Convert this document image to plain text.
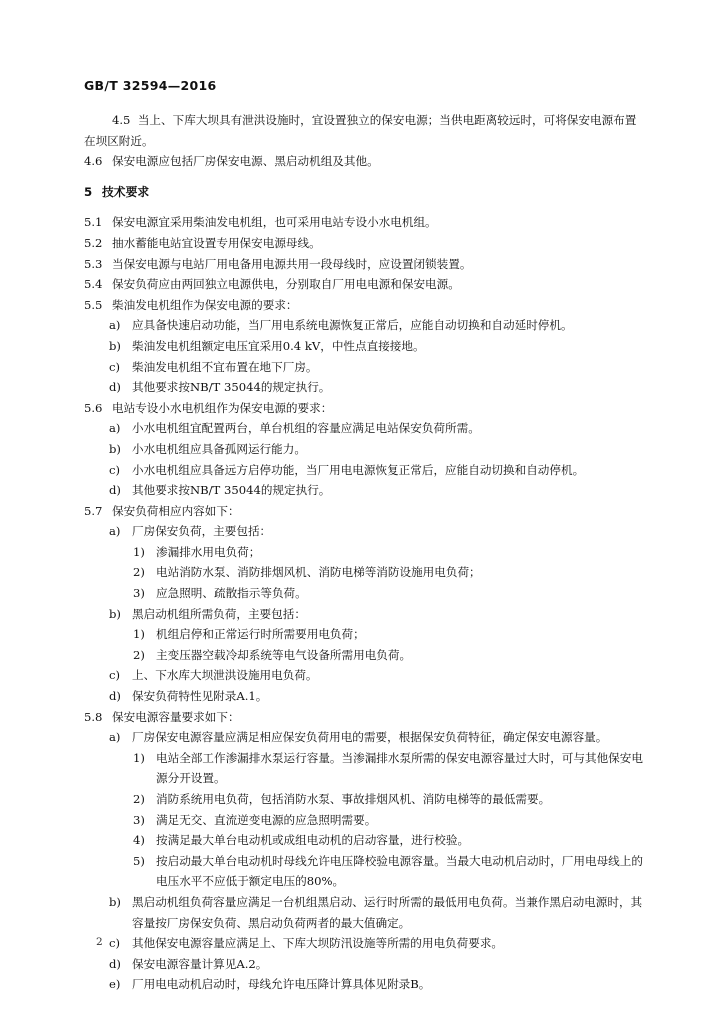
GB/T 32594—2016
4.5 当上、下库大坝具有泄洪设施时，宜设置独立的保安电源；当供电距离较远时，可将保安电源布置在坝区附近。
4.6 保安电源应包括厂房保安电源、黑启动机组及其他。
5 技术要求
5.1 保安电源宜采用柴油发电机组，也可采用电站专设小水电机组。
5.2 抽水蓄能电站宜设置专用保安电源母线。
5.3 当保安电源与电站厂用电备用电源共用一段母线时，应设置闭锁装置。
5.4 保安负荷应由两回独立电源供电，分别取自厂用电电源和保安电源。
5.5 柴油发电机组作为保安电源的要求：
a) 应具备快速启动功能，当厂用电系统电源恢复正常后，应能自动切换和自动延时停机。
b) 柴油发电机组额定电压宜采用0.4 kV，中性点直接接地。
c)	柴油发电机组不宜布置在地下厂房。
d) 其他要求按NB/T 35044的规定执行。
5.6 电站专设小水电机组作为保安电源的要求：
a) 小水电机组宜配置两台，单台机组的容量应满足电站保安负荷所需。
b) 小水电机组应具备孤网运行能力。
c)	小水电机组应具备远方启停功能，当厂用电电源恢复正常后，应能自动切换和自动停机。
d) 其他要求按NB/T 35044的规定执行。
5.7 保安负荷相应内容如下：
a) 厂房保安负荷，主要包括：
1) 渗漏排水用电负荷；
2) 电站消防水泵、消防排烟风机、消防电梯等消防设施用电负荷；
3) 应急照明、疏散指示等负荷。
b) 黑启动机组所需负荷，主要包括：
1) 机组启停和正常运行时所需要用电负荷；
2) 主变压器空载冷却系统等电气设备所需用电负荷。
c)	上、下水库大坝泄洪设施用电负荷。
d) 保安负荷特性见附录A.1。
5.8 保安电源容量要求如下：
a) 厂房保安电源容量应满足相应保安负荷用电的需要，根据保安负荷特征，确定保安电源容量。
1) 电站全部工作渗漏排水泵运行容量。当渗漏排水泵所需的保安电源容量过大时，可与其他保安电源分开设置。
2) 消防系统用电负荷，包括消防水泵、事故排烟风机、消防电梯等的最低需要。
3) 满足无交、直流逆变电源的应急照明需要。
4) 按满足最大单台电动机或成组电动机的启动容量，进行校验。
5) 按启动最大单台电动机时母线允许电压降校验电源容量。当最大电动机启动时，厂用电母线上的电压水平不应低于额定电压的80%。
b) 黑启动机组负荷容量应满足一台机组黑启动、运行时所需的最低用电负荷。当兼作黑启动电源时，其容量按厂房保安负荷、黑启动负荷两者的最大值确定。
c)	其他保安电源容量应满足上、下库大坝防汛设施等所需的用电负荷要求。
d) 保安电源容量计算见A.2。
e)	厂用电电动机启动时，母线允许电压降计算具体见附录B。
2
